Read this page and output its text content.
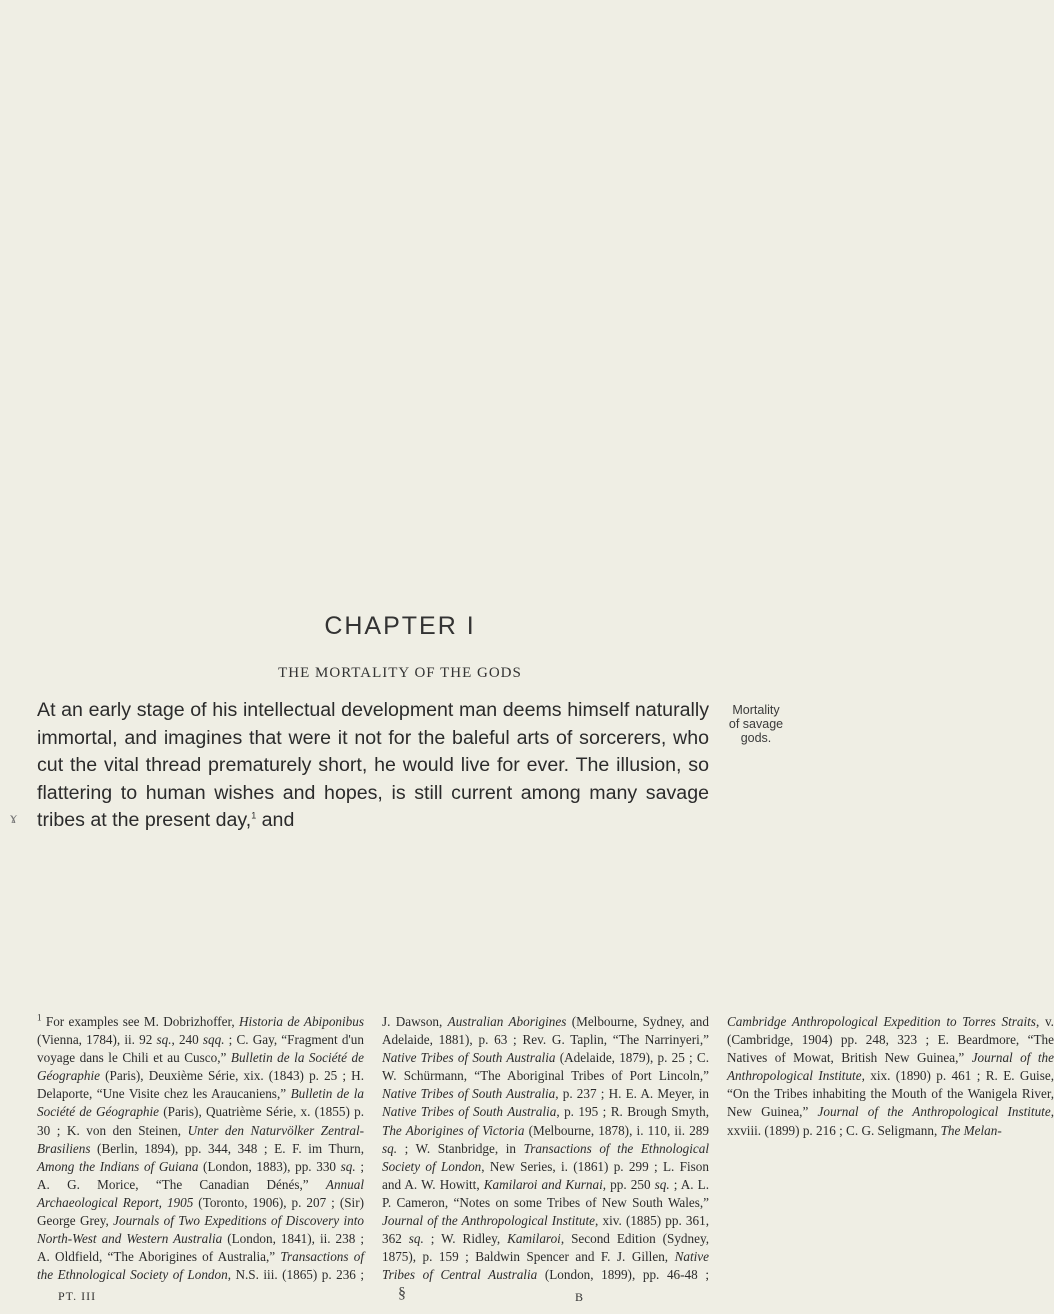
CHAPTER I
THE MORTALITY OF THE GODS
ɤ
At an early stage of his intellectual development man deems himself naturally immortal, and imagines that were it not for the baleful arts of sorcerers, who cut the vital thread prematurely short, he would live for ever. The illusion, so flattering to human wishes and hopes, is still current among many savage tribes at the present day,$^1$ and
Mortality
of savage
gods.
$^1$ For examples see M. Dobrizhoffer, Historia de Abiponibus (Vienna, 1784), ii. 92 sq., 240 sqq. ; C. Gay, “Fragment d'un voyage dans le Chili et au Cusco,” Bulletin de la Société de Géographie (Paris), Deuxième Série, xix. (1843) p. 25 ; H. Delaporte, “Une Visite chez les Araucaniens,” Bulletin de la Société de Géographie (Paris), Quatrième Série, x. (1855) p. 30 ; K. von den Steinen, Unter den Naturvölker Zentral-Brasiliens (Berlin, 1894), pp. 344, 348 ; E. F. im Thurn, Among the Indians of Guiana (London, 1883), pp. 330 sq. ; A. G. Morice, “The Canadian Dénés,” Annual Archaeological Report, 1905 (Toronto, 1906), p. 207 ; (Sir) George Grey, Journals of Two Expeditions of Discovery into North-West and Western Australia (London, 1841), ii. 238 ; A. Oldfield, “The Aborigines of Australia,” Transactions of the Ethnological Society of London, N.S. iii. (1865) p. 236 ; J. Dawson, Australian Aborigines (Melbourne, Sydney, and Adelaide, 1881), p. 63 ; Rev. G. Taplin, “The Narrinyeri,” Native Tribes of South Australia (Adelaide, 1879), p. 25 ; C. W. Schürmann, “The Aboriginal Tribes of Port Lincoln,” Native Tribes of South Australia, p. 237 ; H. E. A. Meyer, in Native Tribes of South Australia, p. 195 ; R. Brough Smyth, The Aborigines of Victoria (Melbourne, 1878), i. 110, ii. 289 sq. ; W. Stanbridge, in Transactions of the Ethnological Society of London, New Series, i. (1861) p. 299 ; L. Fison and A. W. Howitt, Kamilaroi and Kurnai, pp. 250 sq. ; A. L. P. Cameron, “Notes on some Tribes of New South Wales,” Journal of the Anthropological Institute, xiv. (1885) pp. 361, 362 sq. ; W. Ridley, Kamilaroi, Second Edition (Sydney, 1875), p. 159 ; Baldwin Spencer and F. J. Gillen, Native Tribes of Central Australia (London, 1899), pp. 46-48 ; Cambridge Anthropological Expedition to Torres Straits, v. (Cambridge, 1904) pp. 248, 323 ; E. Beardmore, “The Natives of Mowat, British New Guinea,” Journal of the Anthropological Institute, xix. (1890) p. 461 ; R. E. Guise, “On the Tribes inhabiting the Mouth of the Wanigela River, New Guinea,” Journal of the Anthropological Institute, xxviii. (1899) p. 216 ; C. G. Seligmann, The Melan-
PT. III	§	B
